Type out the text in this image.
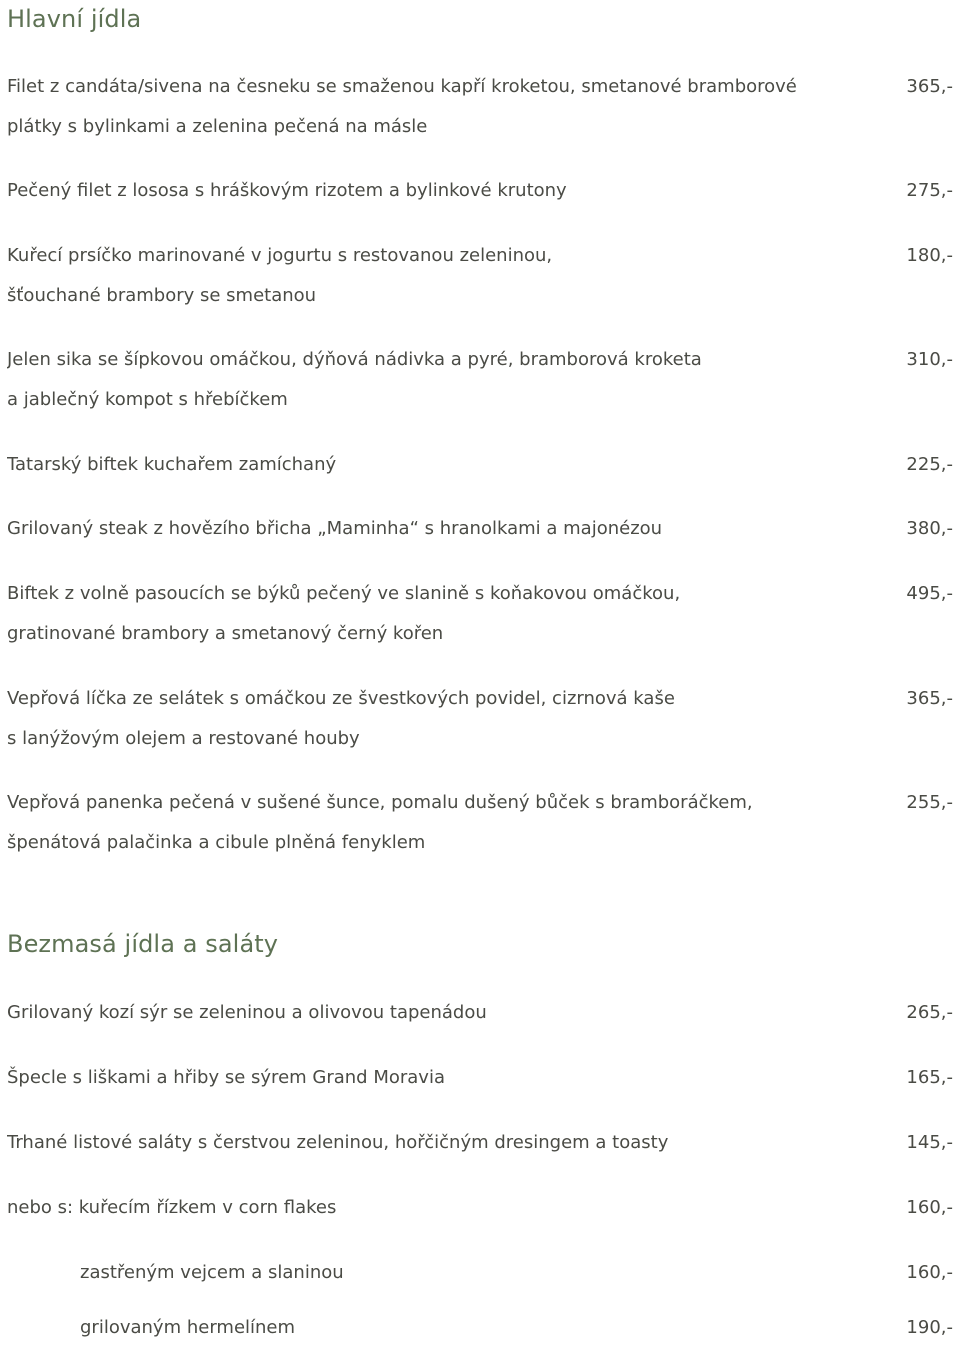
Hlavní jídla
Filet z candáta/sivena na česneku se smaženou kapří kroketou, smetanové bramborové
plátky s bylinkami a zelenina pečená na másle
365,-
Pečený filet z lososa s hráškovým rizotem a bylinkové krutony	275,-
Kuřecí prsíčko marinované v jogurtu s restovanou zeleninou,
šťouchané brambory se smetanou
180,-
Jelen sika se šípkovou omáčkou, dýňová nádivka a pyré, bramborová kroketa
a jablečný kompot s hřebíčkem
310,-
Tatarský biftek kuchařem zamíchaný	225,-
Grilovaný steak z hovězího břicha „Maminha“ s hranolkami a majonézou	380,-
Biftek z volně pasoucích se býků pečený ve slanině s koňakovou omáčkou,
gratinované brambory a smetanový černý kořen
495,-
Vepřová líčka ze selátek s omáčkou ze švestkových povidel, cizrnová kaše
s lanýžovým olejem a restované houby
365,-
Vepřová panenka pečená v sušené šunce, pomalu dušený bůček s bramboráčkem,
špenátová palačinka a cibule plněná fenyklem
255,-
Bezmasá jídla a saláty
Grilovaný kozí sýr se zeleninou a olivovou tapenádou	265,-
Špecle s liškami a hřiby se sýrem Grand Moravia	165,-
Trhané listové saláty s čerstvou zeleninou, hořčičným dresingem a toasty	145,-
nebo s: kuřecím řízkem v corn flakes	160,-
zastřeným vejcem a slaninou	160,-
grilovaným hermelínem	190,-
